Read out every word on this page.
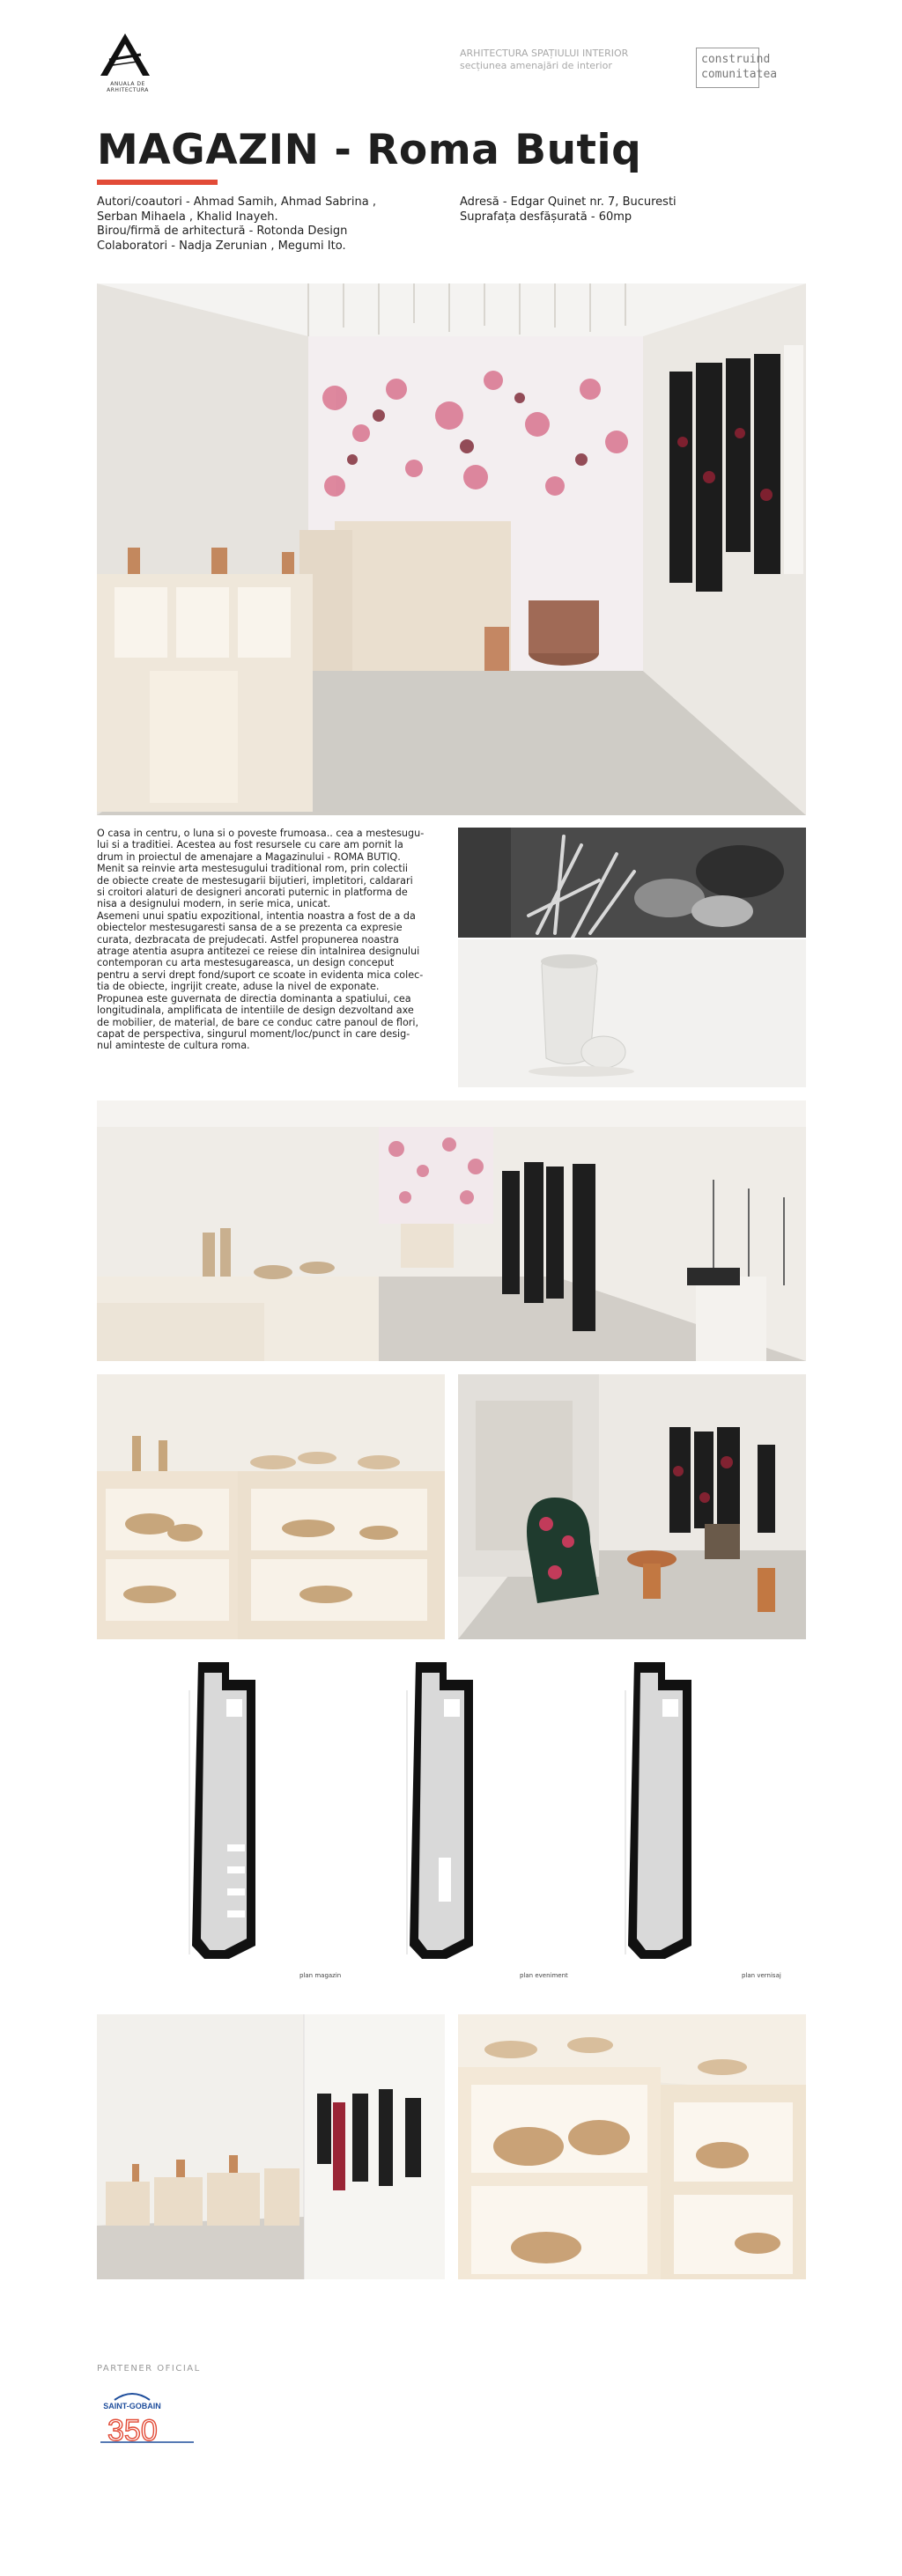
ANUALA DE ARHITECTURA
ARHITECTURA SPAȚIULUI INTERIOR
secțiunea amenajări de interior	construind
comunitatea
MAGAZIN - Roma Butiq
Autori/coautori - Ahmad Samih, Ahmad Sabrina ,
Serban Mihaela , Khalid Inayeh.
Birou/firmă de arhitectură - Rotonda Design
Colaboratori - Nadja Zerunian , Megumi Ito.
Adresă - Edgar Quinet nr. 7, Bucuresti
Suprafața desfășurată - 60mp
O casa in centru, o luna si o poveste frumoasa.. cea a mestesugu-
lui si a traditiei. Acestea au fost resursele cu care am pornit la
drum in proiectul de amenajare a Magazinului - ROMA BUTIQ.
Menit sa reinvie arta mestesugului traditional rom, prin colectii
de obiecte create de mestesugarii bijutieri, impletitori, caldarari
si croitori alaturi de designeri ancorati puternic in platforma de
nisa a designului modern, in serie mica, unicat.
Asemeni unui spatiu expozitional, intentia noastra a fost de a da
obiectelor mestesugaresti sansa de a se prezenta ca expresie
curata, dezbracata de prejudecati. Astfel propunerea noastra
atrage atentia asupra antitezei ce reiese din intalnirea designului
contemporan cu arta mestesugareasca, un design conceput
pentru a servi drept fond/suport ce scoate in evidenta mica colec-
tia de obiecte, ingrijit create, aduse la nivel de exponate.
Propunea este guvernata de directia dominanta a spatiului, cea
longitudinala, amplificata de intentiile de design dezvoltand axe
de mobilier, de material, de bare ce conduc catre panoul de flori,
capat de perspectiva, singurul moment/loc/punct in care desig-
nul aminteste de cultura roma.
plan magazin	plan eveniment	plan vernisaj
PARTENER OFICIAL
SAINT-GOBAIN
350
